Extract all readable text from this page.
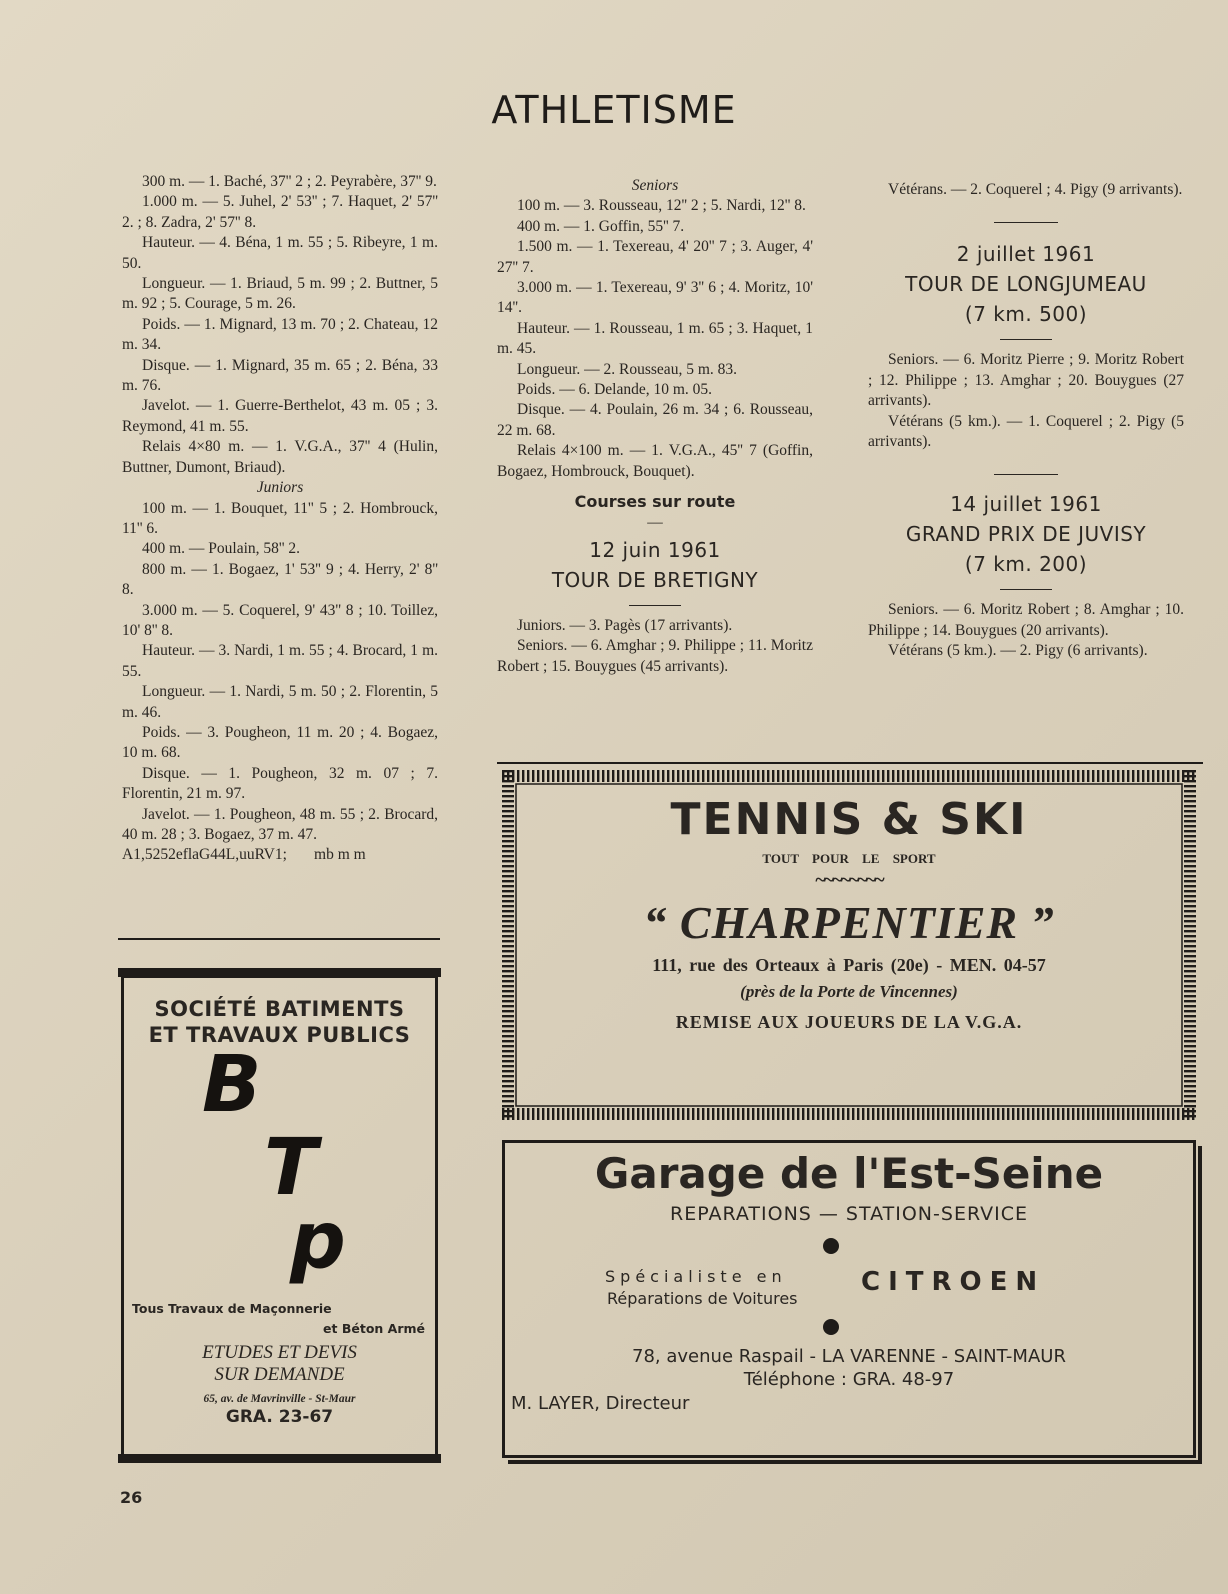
ATHLETISME

300 m. — 1. Baché, 37'' 2 ; 2. Peyrabère, 37'' 9.

1.000 m. — 5. Juhel, 2' 53'' ; 7. Haquet, 2' 57'' 2. ; 8. Zadra, 2' 57'' 8.

Hauteur. — 4. Béna, 1 m. 55 ; 5. Ribeyre, 1 m. 50.

Longueur. — 1. Briaud, 5 m. 99 ; 2. Buttner, 5 m. 92 ; 5. Courage, 5 m. 26.

Poids. — 1. Mignard, 13 m. 70 ; 2. Chateau, 12 m. 34.

Disque. — 1. Mignard, 35 m. 65 ; 2. Béna, 33 m. 76.

Javelot. — 1. Guerre-Berthelot, 43 m. 05 ; 3. Reymond, 41 m. 55.

Relais 4×80 m. — 1. V.G.A., 37'' 4 (Hulin, Buttner, Dumont, Briaud).

Juniors

100 m. — 1. Bouquet, 11'' 5 ; 2. Hombrouck, 11'' 6.

400 m. — Poulain, 58'' 2.

800 m. — 1. Bogaez, 1' 53'' 9 ; 4. Herry, 2' 8'' 8.

3.000 m. — 5. Coquerel, 9' 43'' 8 ; 10. Toillez, 10' 8'' 8.

Hauteur. — 3. Nardi, 1 m. 55 ; 4. Brocard, 1 m. 55.

Longueur. — 1. Nardi, 5 m. 50 ; 2. Florentin, 5 m. 46.

Poids. — 3. Pougheon, 11 m. 20 ; 4. Bogaez, 10 m. 68.

Disque. — 1. Pougheon, 32 m. 07 ; 7. Florentin, 21 m. 97.

Javelot. — 1. Pougheon, 48 m. 55 ; 2. Brocard, 40 m. 28 ; 3. Bogaez, 37 m. 47.

A1,5252eflaG44L,uuRV1;       mb m m

Seniors

100 m. — 3. Rousseau, 12'' 2 ; 5. Nardi, 12'' 8.

400 m. — 1. Goffin, 55'' 7.

1.500 m. — 1. Texereau, 4' 20'' 7 ; 3. Auger, 4' 27'' 7.

3.000 m. — 1. Texereau, 9' 3'' 6 ; 4. Moritz, 10' 14''.

Hauteur. — 1. Rousseau, 1 m. 65 ; 3. Haquet, 1 m. 45.

Longueur. — 2. Rousseau, 5 m. 83.

Poids. — 6. Delande, 10 m. 05.

Disque. — 4. Poulain, 26 m. 34 ; 6. Rousseau, 22 m. 68.

Relais 4×100 m. — 1. V.G.A., 45'' 7 (Goffin, Bogaez, Hombrouck, Bouquet).

Courses sur route

—

12 juin 1961
TOUR DE BRETIGNY

Juniors. — 3. Pagès (17 arrivants).

Seniors. — 6. Amghar ; 9. Philippe ; 11. Moritz Robert ; 15. Bouygues (45 arrivants).

Vétérans. — 2. Coquerel ; 4. Pigy (9 arrivants).

2 juillet 1961
TOUR DE LONGJUMEAU
(7 km. 500)

Seniors. — 6. Moritz Pierre ; 9. Moritz Robert ; 12. Philippe ; 13. Amghar ; 20. Bouygues (27 arrivants).

Vétérans (5 km.). — 1. Coquerel ; 2. Pigy (5 arrivants).

14 juillet 1961
GRAND PRIX DE JUVISY
(7 km. 200)

Seniors. — 6. Moritz Robert ; 8. Amghar ; 10. Philippe ; 14. Bouygues (20 arrivants).

Vétérans (5 km.). — 2. Pigy (6 arrivants).

SOCIÉTÉ BATIMENTS
ET TRAVAUX PUBLICS
B
T
p
Tous Travaux de Maçonnerie
et Béton Armé
ETUDES ET DEVIS
SUR DEMANDE
65, av. de Mavrinville - St-Maur
GRA. 23-67
TENNIS & SKI
TOUT POUR LE SPORT
~~~~~~~~
“ CHARPENTIER ”
111, rue des Orteaux à Paris (20e) - MEN. 04-57
(près de la Porte de Vincennes)
REMISE AUX JOUEURS DE LA V.G.A.
Garage de l'Est-Seine
REPARATIONS — STATION-SERVICE
Spécialiste en
Réparations de Voitures
CITROEN
78, avenue Raspail - LA VARENNE - SAINT-MAUR
Téléphone : GRA. 48-97
M. LAYER, Directeur
26
